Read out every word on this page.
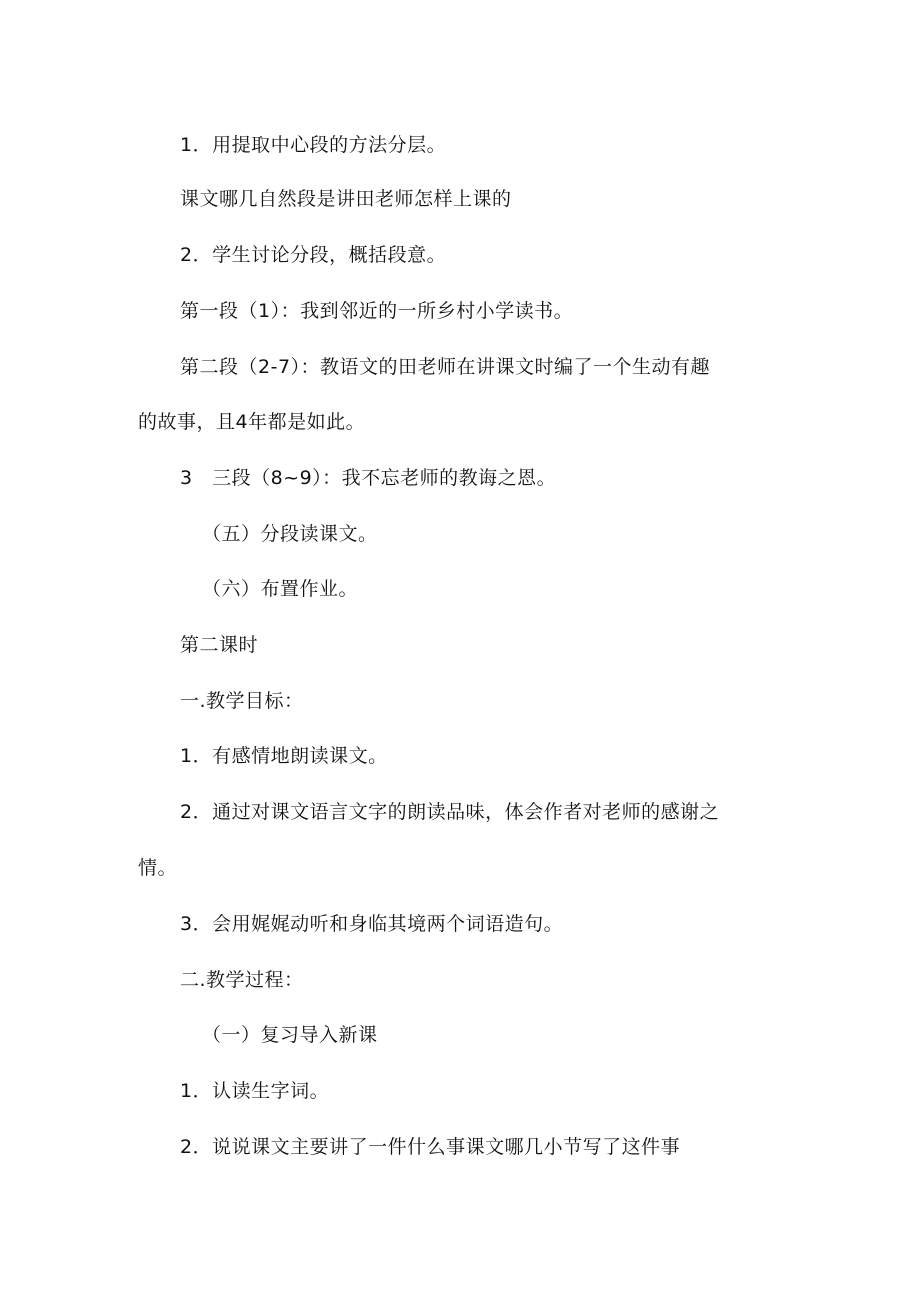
1．用提取中心段的方法分层。
课文哪几自然段是讲田老师怎样上课的
2．学生讨论分段，概括段意。
第一段（1）：我到邻近的一所乡村小学读书。
第二段（2-7）：教语文的田老师在讲课文时编了一个生动有趣
的故事，且4年都是如此。
3　三段（8~9）：我不忘老师的教诲之恩。
（五）分段读课文。
（六）布置作业。
第二课时
一.教学目标：
1．有感情地朗读课文。
2．通过对课文语言文字的朗读品味，体会作者对老师的感谢之
情。
3．会用娓娓动听和身临其境两个词语造句。
二.教学过程：
（一）复习导入新课
1．认读生字词。
2．说说课文主要讲了一件什么事课文哪几小节写了这件事
